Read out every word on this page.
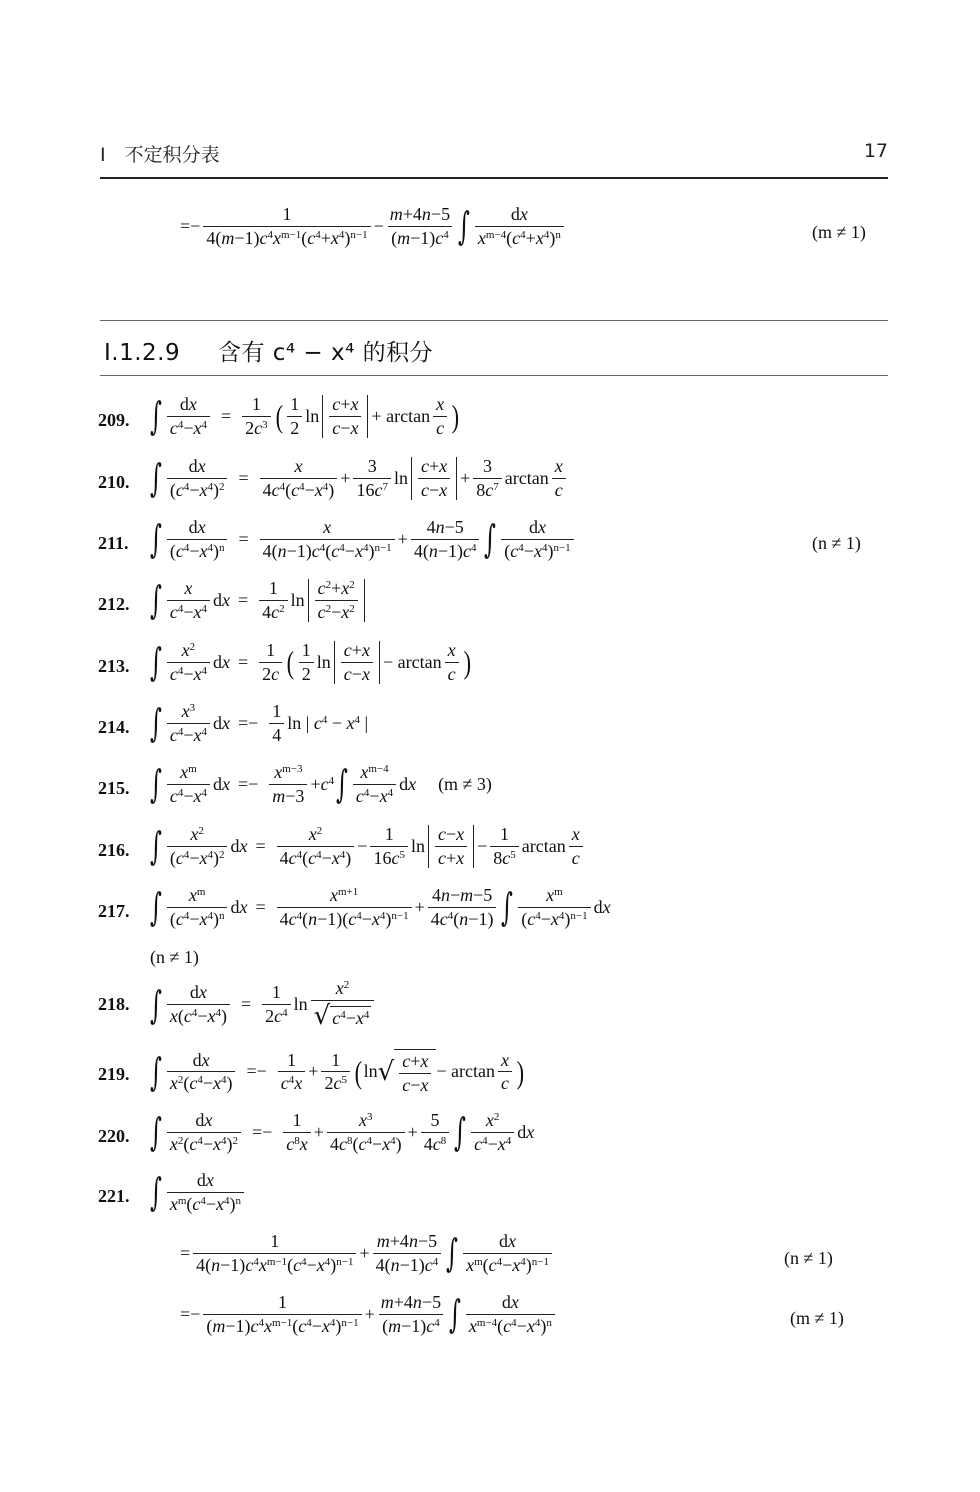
Ⅰ　不定积分表	17
=− $\frac{1}{4(m-1)c^4x^{m-1}(c^4+x^4)^{n-1}} - \frac{m+4n-5}{(m-1)c^4}$ ∫ $\frac{dx}{x^{m-4}(c^4+x^4)^n}$	(m ≠ 1)
Ⅰ.1.2.9 含有 c⁴ − x⁴ 的积分
209. ∫ $\frac{dx}{c^4-x^4} = \frac{1}{2c^3}$ ( $\frac{1}{2}$ $\ln \frac{c+x}{c-x} + \arctan \frac{x}{c}$ )
210. ∫ $\frac{dx}{(c^4-x^4)^2} = \frac{x}{4c^4(c^4-x^4)} + \frac{3}{16c^7}$ $\ln \frac{c+x}{c-x} + \frac{3}{8c^7}$ $\arctan \frac{x}{c}$
211. ∫ $\frac{dx}{(c^4-x^4)^n} = \frac{x}{4(n-1)c^4(c^4-x^4)^{n-1}} + \frac{4n-5}{4(n-1)c^4}$ ∫ $\frac{dx}{(c^4-x^4)^{n-1}}$	(n ≠ 1)
212. ∫ $\frac{x}{c^4-x^4}$ dx = $\frac{1}{4c^2}$ $\ln \frac{c^2+x^2}{c^2-x^2}$
213. ∫ $\frac{x^2}{c^4-x^4}$ dx = $\frac{1}{2c}$ ( $\frac{1}{2}$ $\ln \frac{c+x}{c-x} - \arctan \frac{x}{c}$ )
214. ∫ $\frac{x^3}{c^4-x^4}$ dx =− $\frac{1}{4}$ ln | $c^4 - x^4$ |
215. ∫ $\frac{x^m}{c^4-x^4}$ dx =− $\frac{x^{m-3}}{m-3} +c^4$ ∫ $\frac{x^{m-4}}{c^4-x^4}$ dx (m ≠ 3)
216. ∫ $\frac{x^2}{(c^4-x^4)^2}$ dx = $\frac{x^2}{4c^4(c^4-x^4)} - \frac{1}{16c^5}$ $\ln \frac{c-x}{c+x} - \frac{1}{8c^5}$ $\arctan \frac{x}{c}$
217. ∫ $\frac{x^m}{(c^4-x^4)^n}$ dx = $\frac{x^{m+1}}{4c^4(n-1)(c^4-x^4)^{n-1}} + \frac{4n-m-5}{4c^4(n-1)}$ ∫ $\frac{x^m}{(c^4-x^4)^{n-1}}$ dx
(n ≠ 1)
218. ∫ $\frac{dx}{x(c^4-x^4)} = \frac{1}{2c^4}$ $\ln \frac{x^2}{√ c^4-x^4}$
219. ∫ $\frac{dx}{x^2(c^4-x^4)} =- \frac{1}{c^4x} + \frac{1}{2c^5}$ ( ln √ $\frac{c+x}{c-x} - \arctan \frac{x}{c}$ )
220. ∫ $\frac{dx}{x^2(c^4-x^4)^2} =- \frac{1}{c^8x} + \frac{x^3}{4c^8(c^4-x^4)} + \frac{5}{4c^8}$ ∫ $\frac{x^2}{c^4-x^4}$ dx
221. ∫ $\frac{dx}{x^m(c^4-x^4)^n}$
= $\frac{1}{4(n-1)c^4x^{m-1}(c^4-x^4)^{n-1}} + \frac{m+4n-5}{4(n-1)c^4}$ ∫ $\frac{dx}{x^m(c^4-x^4)^{n-1}}$	(n ≠ 1)
=− $\frac{1}{(m-1)c^4x^{m-1}(c^4-x^4)^{n-1}} + \frac{m+4n-5}{(m-1)c^4}$ ∫ $\frac{dx}{x^{m-4}(c^4-x^4)^n}$	(m ≠ 1)
